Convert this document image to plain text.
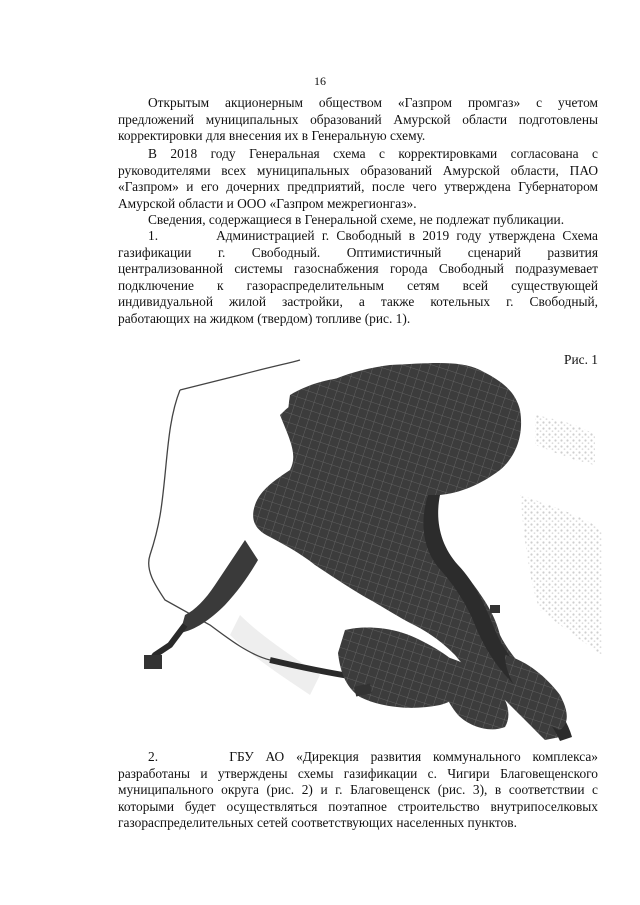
16
Открытым акционерным обществом «Газпром промгаз» с учетом
предложений муниципальных образований Амурской области подготовлены
корректировки для внесения их в Генеральную схему.
В 2018 году Генеральная схема с корректировками согласована с
руководителями всех муниципальных образований Амурской области, ПАО
«Газпром» и его дочерних предприятий, после чего утверждена Губернатором
Амурской области и ООО «Газпром межрегионгаз».
Сведения, содержащиеся в Генеральной схеме, не подлежат публикации.
1.	Администрацией г. Свободный в 2019 году утверждена Схема
газификации г. Свободный. Оптимистичный сценарий развития
централизованной системы газоснабжения города Свободный подразумевает
подключение к газораспределительным сетям всей существующей
индивидуальной жилой застройки, а также котельных г. Свободный,
работающих на жидком (твердом) топливе (рис. 1).
Рис. 1
2.	ГБУ АО «Дирекция развития коммунального комплекса»
разработаны и утверждены схемы газификации с. Чигири Благовещенского
муниципального округа (рис. 2) и г. Благовещенск (рис. 3), в соответствии с
которыми будет осуществляться поэтапное строительство внутрипоселковых
газораспределительных сетей соответствующих населенных пунктов.
